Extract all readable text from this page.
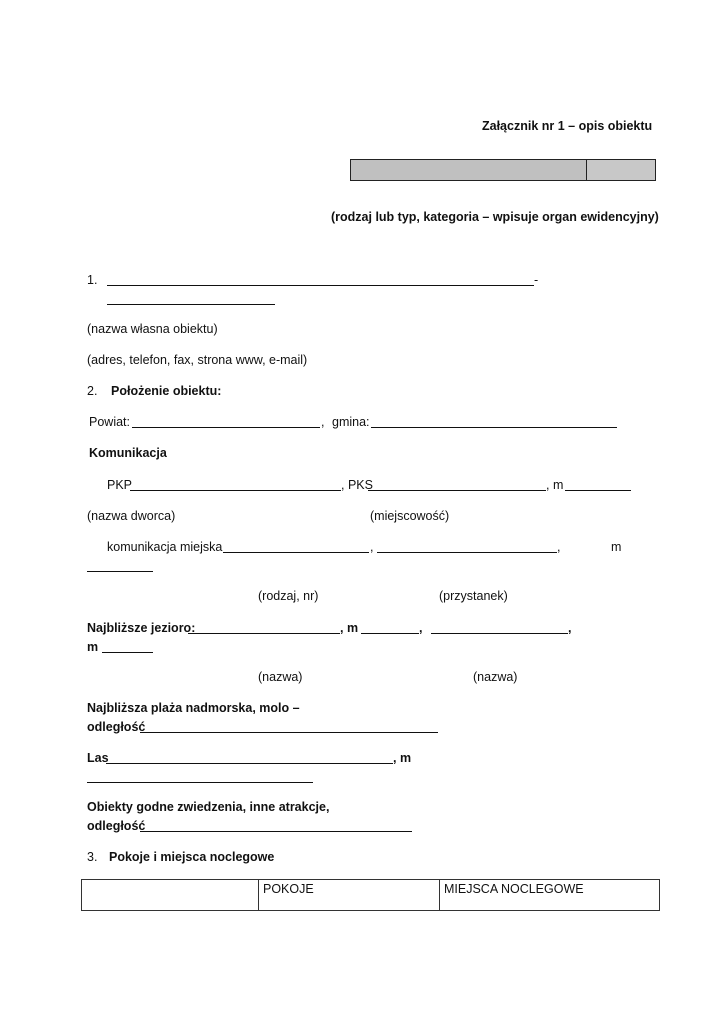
Załącznik nr 1 – opis obiektu
(rodzaj lub typ, kategoria – wpisuje organ ewidencyjny)
1.	-
(nazwa własna obiektu)
(adres, telefon, fax, strona www, e-mail)
2. Położenie obiektu:
Powiat:	, gmina:
Komunikacja
PKP	, PKS	, m
(nazwa dworca)	(miejscowość)
komunikacja miejska	,	,	m
(rodzaj, nr)	(przystanek)
Najbliższe jezioro:	, m	,	,
m
(nazwa)	(nazwa)
Najbliższa plaża nadmorska, molo –
odległość
Las	, m
Obiekty godne zwiedzenia, inne atrakcje,
odległość
3. Pokoje i miejsca noclegowe
	POKOJE	MIEJSCA NOCLEGOWE
